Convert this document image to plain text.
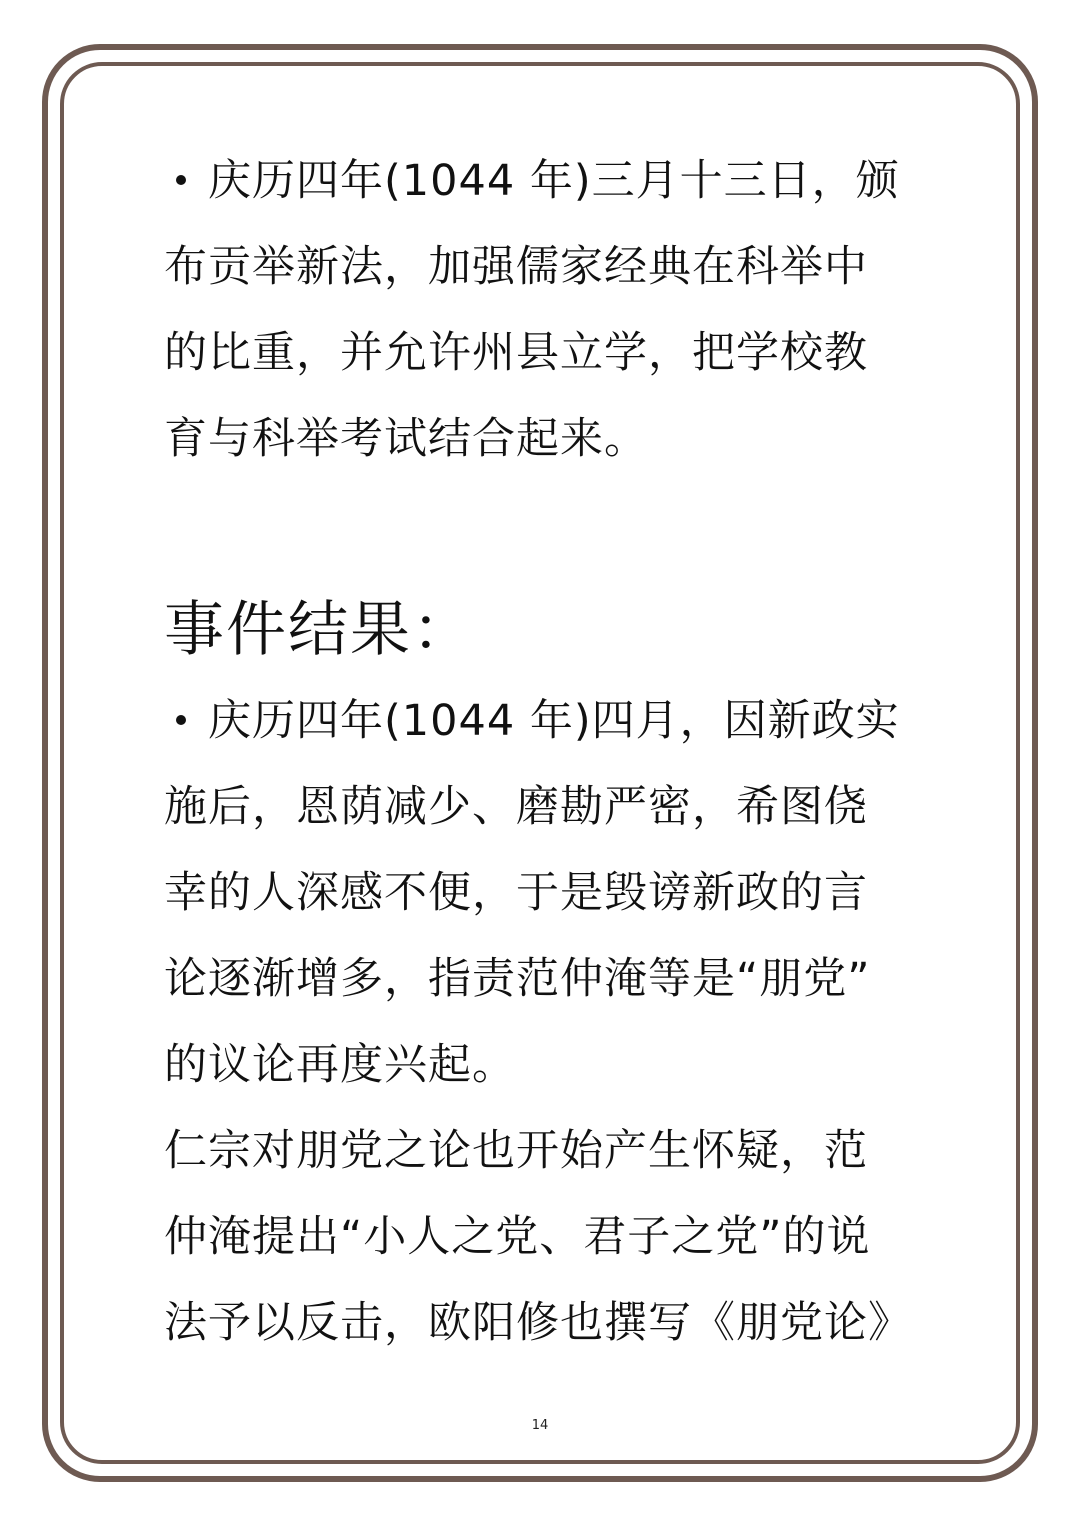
庆历四年(1044 年)三月十三日，颁
布贡举新法，加强儒家经典在科举中
的比重，并允许州县立学，把学校教
育与科举考试结合起来。
事件结果：
庆历四年(1044 年)四月，因新政实
施后，恩荫减少、磨勘严密，希图侥
幸的人深感不便，于是毁谤新政的言
论逐渐增多，指责范仲淹等是“朋党”
的议论再度兴起。
仁宗对朋党之论也开始产生怀疑，范
仲淹提出“小人之党、君子之党”的说
法予以反击，欧阳修也撰写《朋党论》
14
